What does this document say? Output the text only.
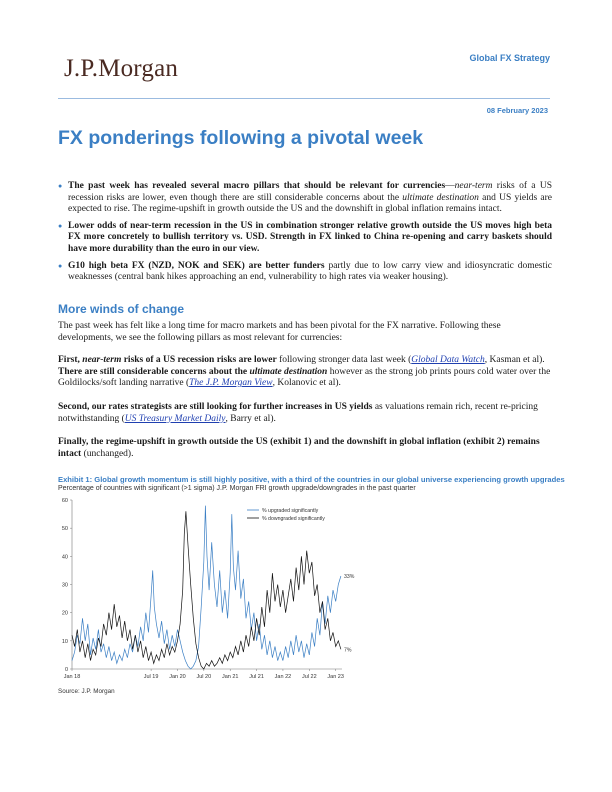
J.P.Morgan	Global FX Strategy
08 February 2023
FX ponderings following a pivotal week
● The past week has revealed several macro pillars that should be relevant for currencies—near-term risks of a US recession risks are lower, even though there are still considerable concerns about the ultimate destination and US yields are expected to rise. The regime-upshift in growth outside the US and the downshift in global inflation remains intact.
● Lower odds of near-term recession in the US in combination stronger relative growth outside the US moves high beta FX more concretely to bullish territory vs. USD. Strength in FX linked to China re-opening and carry baskets should have more durability than the euro in our view.
● G10 high beta FX (NZD, NOK and SEK) are better funders partly due to low carry view and idiosyncratic domestic weaknesses (central bank hikes approaching an end, vulnerability to high rates via weaker housing).
More winds of change
The past week has felt like a long time for macro markets and has been pivotal for the FX narrative. Following these developments, we see the following pillars as most relevant for currencies:
First, near-term risks of a US recession risks are lower following stronger data last week (Global Data Watch, Kasman et al). There are still considerable concerns about the ultimate destination however as the strong job prints pours cold water over the Goldilocks/soft landing narrative (The J.P. Morgan View, Kolanovic et al).
Second, our rates strategists are still looking for further increases in US yields as valuations remain rich, recent re-pricing notwithstanding (US Treasury Market Daily, Barry et al).
Finally, the regime-upshift in growth outside the US (exhibit 1) and the downshift in global inflation (exhibit 2) remains intact (unchanged).
Exhibit 1: Global growth momentum is still highly positive, with a third of the countries in our global universe experiencing growth upgrades
Percentage of countries with significant (>1 sigma) J.P. Morgan FRI growth upgrade/downgrades in the past quarter
0
10
20
30
40
50
60
Jan 18	Jul 19 Jan 20 Jul 20 Jan 21 Jul 21 Jan 22 Jul 22 Jan 23
% upgraded significantly
% downgraded significantly
33%
7%
Source: J.P. Morgan
